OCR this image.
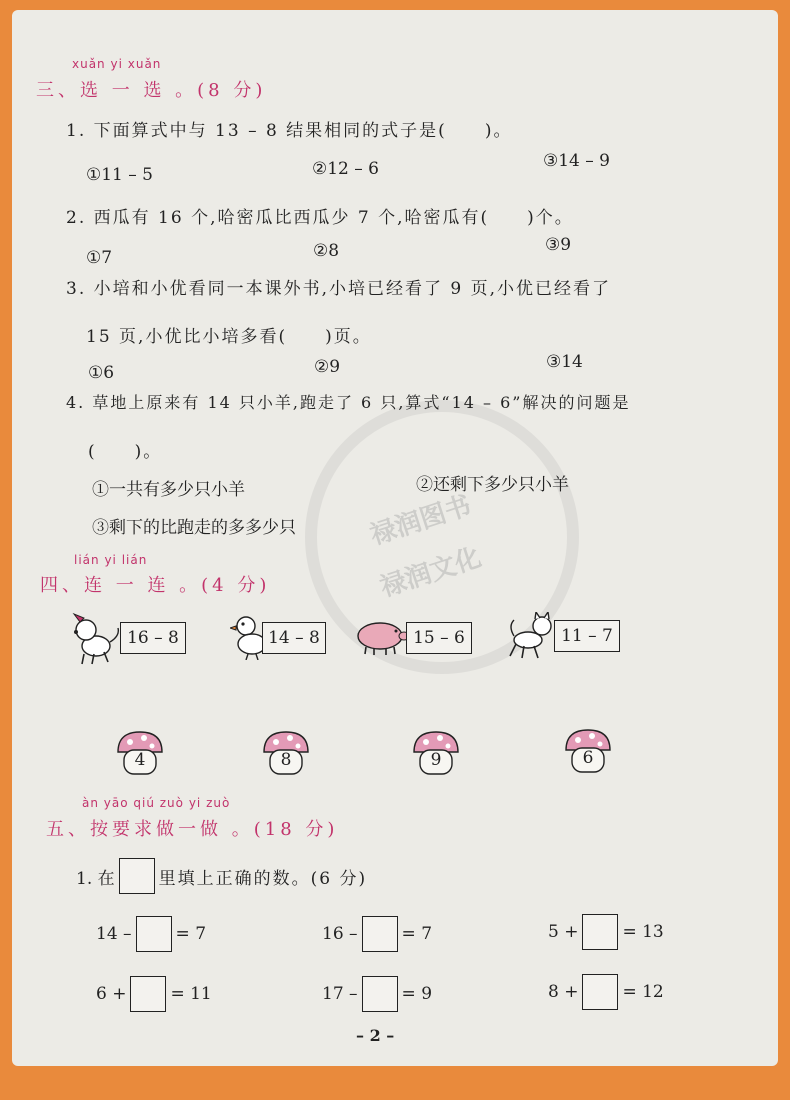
禄润图书
禄润文化
xuǎn yi xuǎn
三、选 一 选 。(8 分)
1. 下面算式中与 13 – 8 结果相同的式子是(　　)。
①11 – 5	②12 – 6	③14 – 9
2. 西瓜有 16 个,哈密瓜比西瓜少 7 个,哈密瓜有(　　)个。
①7	②8	③9
3. 小培和小优看同一本课外书,小培已经看了 9 页,小优已经看了
15 页,小优比小培多看(　　)页。
①6	②9	③14
4. 草地上原来有 14 只小羊,跑走了 6 只,算式“14 – 6”解决的问题是
(　　)。
①一共有多少只小羊	②还剩下多少只小羊
③剩下的比跑走的多多少只
lián yi lián
四、连 一 连 。(4 分)
16 – 8	14 – 8	15 – 6	11 – 7
4	8	9	6
àn yāo qiú zuò yi zuò
五、按要求做一做 。(18 分)
1. 在	里填上正确的数。(6 分)
14 –	= 7	16 –	= 7	5 +	= 13
6 +	= 11	17 –	= 9	8 +	= 12
– 2 –
